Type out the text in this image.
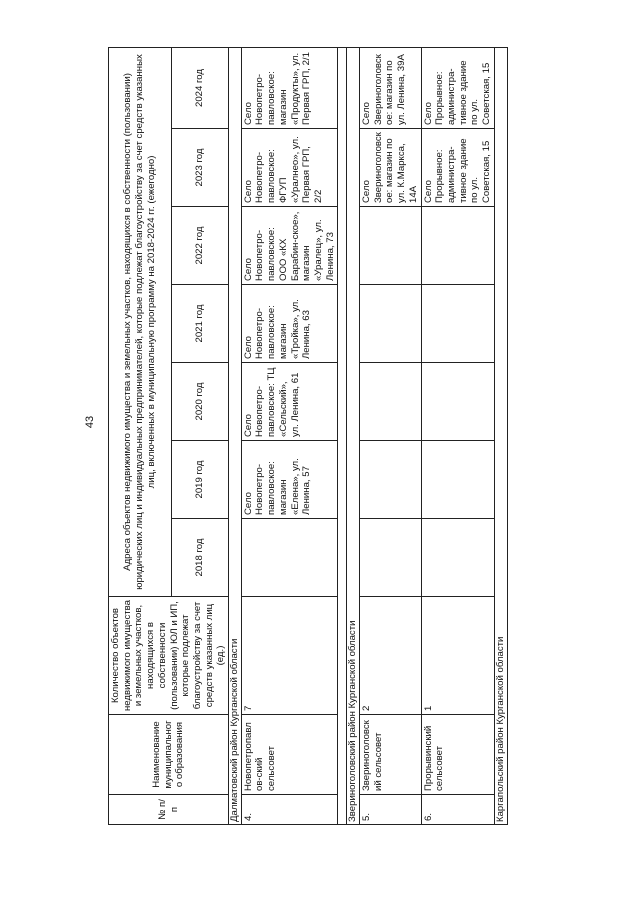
43
№ п/п	Наименование муниципального образования	Количество объектов недвижимого имущества и земельных участков, находящихся в собственности (пользовании) ЮЛ и ИП, которые подлежат благоустройству за счет средств указанных лиц (ед.)	Адреса объектов недвижимого имущества и земельных участков, находящихся в собственности (пользовании) юридических лиц и индивидуальных предпринимателей, которые подлежат благоустройству за счет средств указанных лиц, включенных в муниципальную программу на 2018-2024 гг. (ежегодно)						
			2018 год	2019 год	2020 год	2021 год	2022 год	2023 год	2024 год
Далматовский район Курганской области									
4.	Новопетропавлов-ский сельсовет	7		Село Новопетро-павловское: магазин «Елена», ул. Ленина, 57	Село Новопетро-павловское: ТЦ «Сельский», ул. Ленина, 61	Село Новопетро-павловское: магазин «Тройка», ул. Ленина, 63	Село Новопетро-павловское: ООО «КХ Барабин-ское», магазин «Уралец», ул. Ленина, 73	Село Новопетро-павловское: ФГУП «Уралнео», ул. Первая ГРП, 2/2	Село Новопетро-павловское: магазин «Продукты», ул. Первая ГРП, 2/1

Звериноголовский район Курганской области									
5.	Звериноголовский сельсовет	2						Село Звериноголовское: магазин по ул. К.Маркса, 14А	Село Звериноголовское: магазин по ул. Ленина, 39А
6.	Прорывинский сельсовет	1						Село Прорывное: администра-тивное здание по ул. Советская, 15	Село Прорывное: администра-тивное здание по ул. Советская, 15
Каргапольский район Курганской области									
